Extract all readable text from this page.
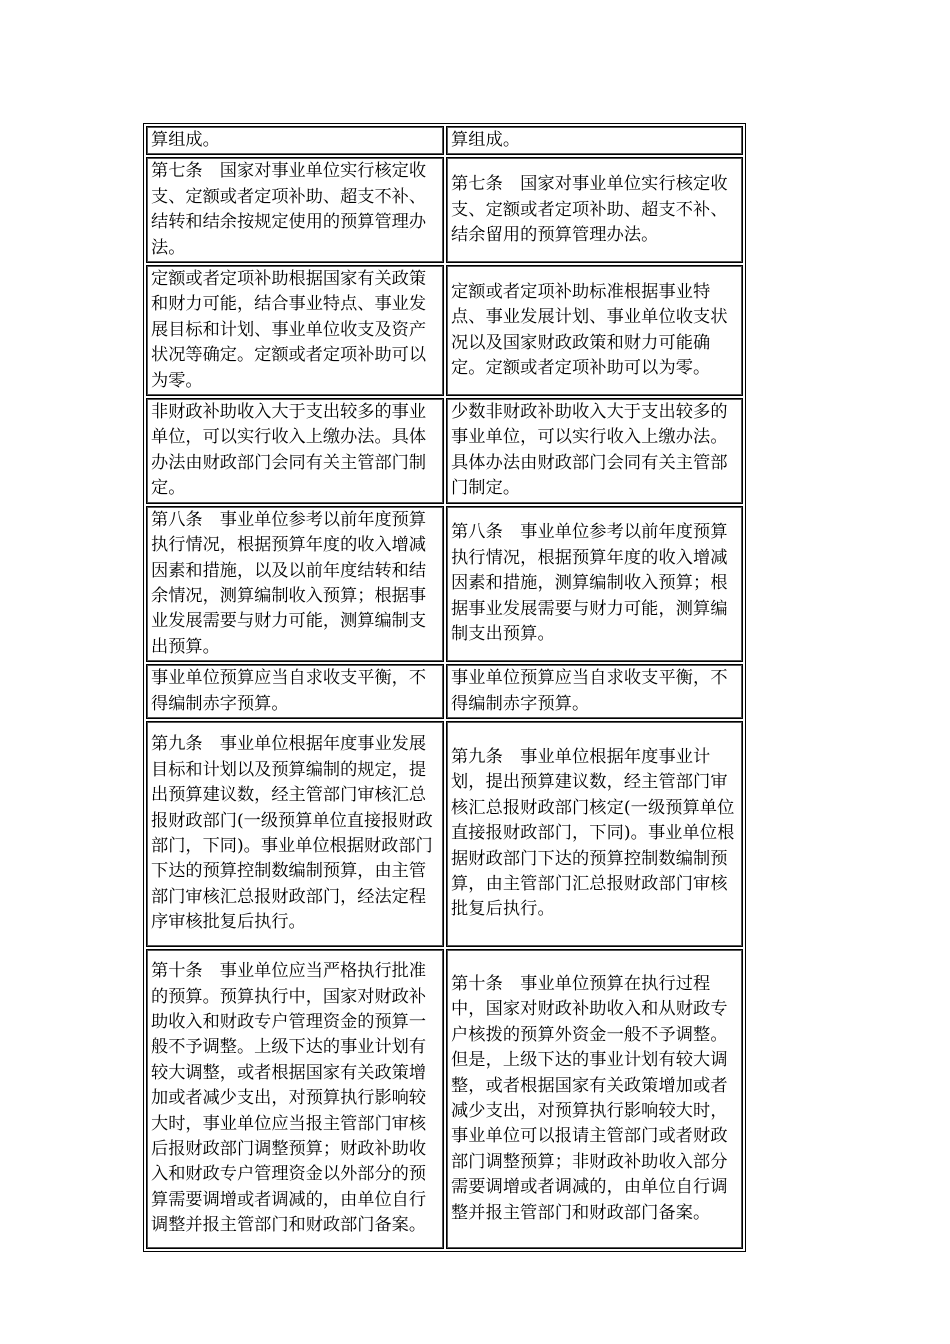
算组成。	算组成。
第七条　国家对事业单位实行核定收支、定额或者定项补助、超支不补、结转和结余按规定使用的预算管理办法。	第七条　国家对事业单位实行核定收支、定额或者定项补助、超支不补、结余留用的预算管理办法。
定额或者定项补助根据国家有关政策和财力可能，结合事业特点、事业发展目标和计划、事业单位收支及资产状况等确定。定额或者定项补助可以为零。	定额或者定项补助标准根据事业特点、事业发展计划、事业单位收支状况以及国家财政政策和财力可能确定。定额或者定项补助可以为零。
非财政补助收入大于支出较多的事业单位，可以实行收入上缴办法。具体办法由财政部门会同有关主管部门制定。	少数非财政补助收入大于支出较多的事业单位，可以实行收入上缴办法。具体办法由财政部门会同有关主管部门制定。
第八条　事业单位参考以前年度预算执行情况，根据预算年度的收入增减因素和措施，以及以前年度结转和结余情况，测算编制收入预算；根据事业发展需要与财力可能，测算编制支出预算。	第八条　事业单位参考以前年度预算执行情况，根据预算年度的收入增减因素和措施，测算编制收入预算；根据事业发展需要与财力可能，测算编制支出预算。
事业单位预算应当自求收支平衡，不得编制赤字预算。	事业单位预算应当自求收支平衡，不得编制赤字预算。
第九条　事业单位根据年度事业发展目标和计划以及预算编制的规定，提出预算建议数，经主管部门审核汇总报财政部门(一级预算单位直接报财政部门，下同)。事业单位根据财政部门下达的预算控制数编制预算，由主管部门审核汇总报财政部门，经法定程序审核批复后执行。	第九条　事业单位根据年度事业计划，提出预算建议数，经主管部门审核汇总报财政部门核定(一级预算单位直接报财政部门，下同)。事业单位根据财政部门下达的预算控制数编制预算，由主管部门汇总报财政部门审核批复后执行。
第十条　事业单位应当严格执行批准的预算。预算执行中，国家对财政补助收入和财政专户管理资金的预算一般不予调整。上级下达的事业计划有较大调整，或者根据国家有关政策增加或者减少支出，对预算执行影响较大时，事业单位应当报主管部门审核后报财政部门调整预算；财政补助收入和财政专户管理资金以外部分的预算需要调增或者调减的，由单位自行调整并报主管部门和财政部门备案。	第十条　事业单位预算在执行过程中，国家对财政补助收入和从财政专户核拨的预算外资金一般不予调整。但是，上级下达的事业计划有较大调整，或者根据国家有关政策增加或者减少支出，对预算执行影响较大时，事业单位可以报请主管部门或者财政部门调整预算；非财政补助收入部分需要调增或者调减的，由单位自行调整并报主管部门和财政部门备案。
